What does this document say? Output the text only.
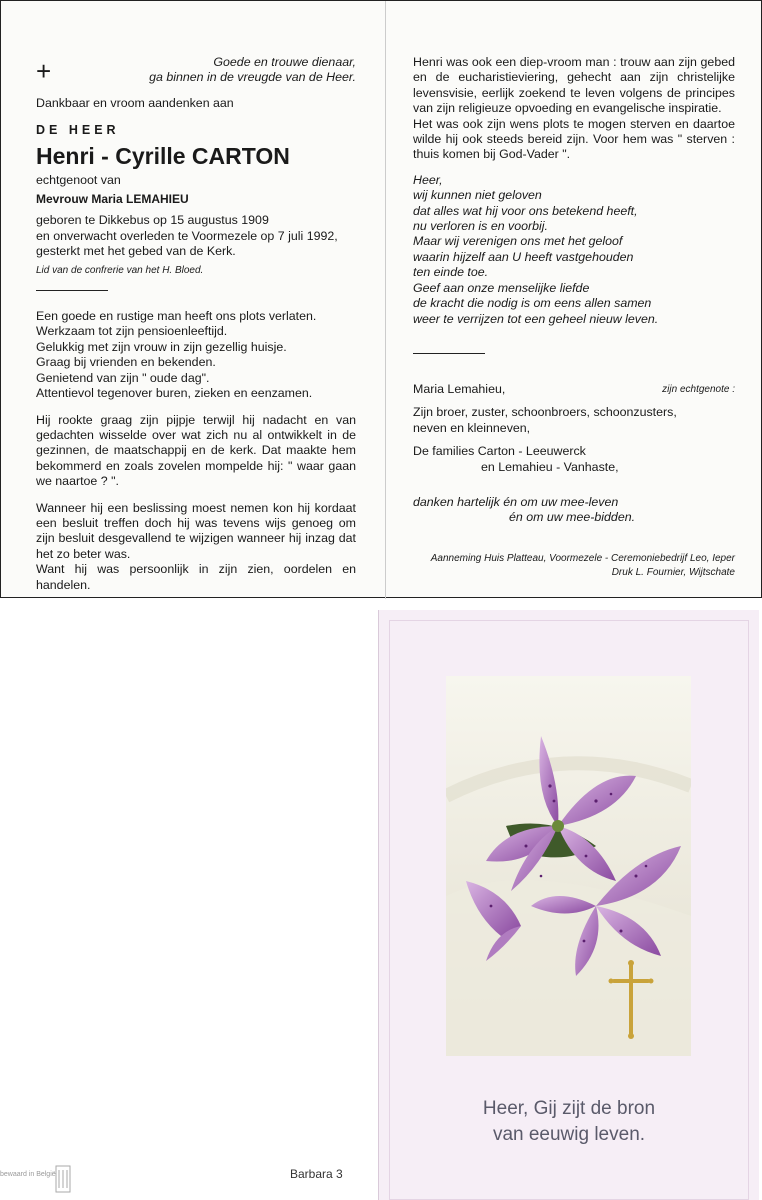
+	Goede en trouwe dienaar,

ga binnen in de vreugde van de Heer.

Dankbaar en vroom aandenken aan

DE HEER

Henri - Cyrille CARTON

echtgenoot van

Mevrouw Maria LEMAHIEU

geboren te Dikkebus op 15 augustus 1909

en onverwacht overleden te Voormezele op 7 juli 1992,

gesterkt met het gebed van de Kerk.

Lid van de confrerie van het H. Bloed.

Een goede en rustige man heeft ons plots verlaten.

Werkzaam tot zijn pensioenleeftijd.

Gelukkig met zijn vrouw in zijn gezellig huisje.

Graag bij vrienden en bekenden.

Genietend van zijn " oude dag".

Attentievol tegenover buren, zieken en eenzamen.

Hij rookte graag zijn pijpje terwijl hij nadacht en van gedachten wisselde over wat zich nu al ontwikkelt in de gezinnen, de maatschappij en de kerk. Dat maakte hem bekommerd en zoals zovelen mompelde hij: " waar gaan we naartoe ? ".

Wanneer hij een beslissing moest nemen kon hij kordaat een besluit treffen doch hij was tevens wijs genoeg om zijn besluit desgevallend te wijzigen wanneer hij inzag dat het zo beter was.

Want hij was persoonlijk in zijn zien, oordelen en handelen.

Henri was ook een diep-vroom man : trouw aan zijn gebed en de eucharistieviering, gehecht aan zijn christelijke levensvisie, eerlijk zoekend te leven volgens de principes van zijn religieuze opvoeding en evangelische inspiratie.

Het was ook zijn wens plots te mogen sterven en daartoe wilde hij ook steeds bereid zijn. Voor hem was " sterven : thuis komen bij God-Vader ".

Heer,

wij kunnen niet geloven

dat alles wat hij voor ons betekend heeft,

nu verloren is en voorbij.

Maar wij verenigen ons met het geloof

waarin hijzelf aan U heeft vastgehouden

ten einde toe.

Geef aan onze menselijke liefde

de kracht die nodig is om eens allen samen

weer te verrijzen tot een geheel nieuw leven.

Maria Lemahieu,	zijn echtgenote :

Zijn broer, zuster, schoonbroers, schoonzusters,

neven en kleinneven,

De families Carton - Leeuwerck

en Lemahieu - Vanhaste,

danken hartelijk én om uw mee-leven

én om uw mee-bidden.

Aanneming Huis Platteau, Voormezele - Ceremoniebedrijf Leo, Ieper

Druk L. Fournier, Wijtschate

Heer, Gij zijt de bron
van eeuwig leven.
bewaard in België	Barbara 3
